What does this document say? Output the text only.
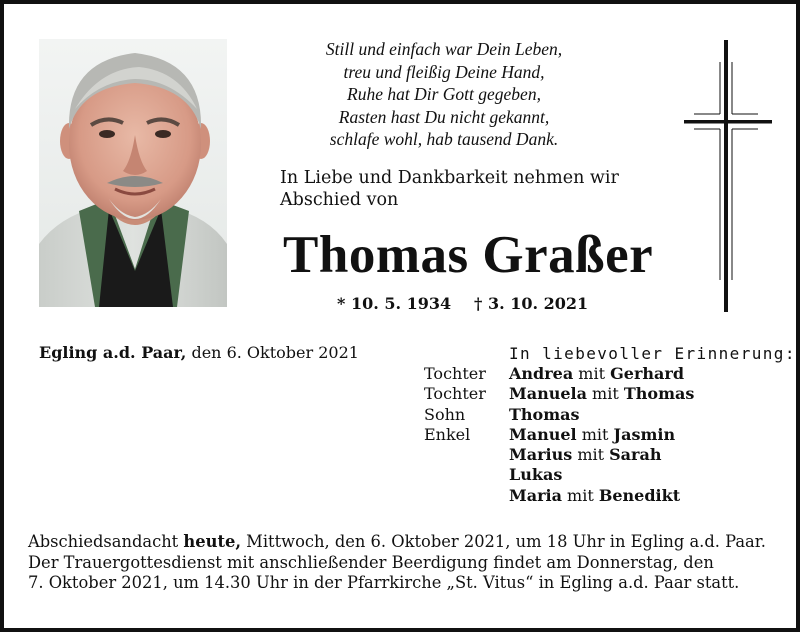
Still und einfach war Dein Leben,
treu und fleißig Deine Hand,
Ruhe hat Dir Gott gegeben,
Rasten hast Du nicht gekannt,
schlafe wohl, hab tausend Dank.
In Liebe und Dankbarkeit nehmen wir
Abschied von
Thomas Graßer
* 10. 5. 1934 † 3. 10. 2021
Egling a.d. Paar, den 6. Oktober 2021	In liebevoller Erinnerung:
Tochter	Andrea mit Gerhard
Tochter	Manuela mit Thomas
Sohn	Thomas
Enkel	Manuel mit Jasmin
Marius mit Sarah
Lukas
Maria mit Benedikt
Abschiedsandacht heute, Mittwoch, den 6. Oktober 2021, um 18 Uhr in Egling a.d. Paar.
Der Trauergottesdienst mit anschließender Beerdigung findet am Donnerstag, den
7. Oktober 2021, um 14.30 Uhr in der Pfarrkirche „St. Vitus“ in Egling a.d. Paar statt.
